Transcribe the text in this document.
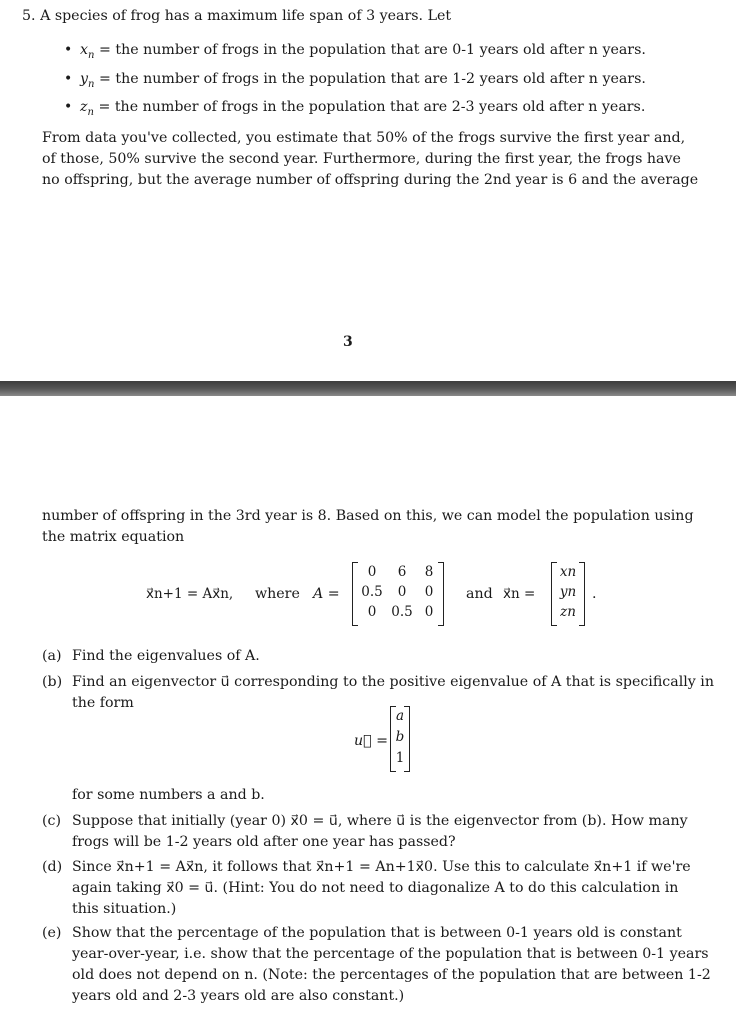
5. A species of frog has a maximum life span of 3 years. Let
• $x_n$ = the number of frogs in the population that are 0-1 years old after n years.
• $y_n$ = the number of frogs in the population that are 1-2 years old after n years.
• $z_n$ = the number of frogs in the population that are 2-3 years old after n years.
From data you've collected, you estimate that 50% of the frogs survive the first year and,
of those, 50% survive the second year. Furthermore, during the first year, the frogs have
no offspring, but the average number of offspring during the 2nd year is 6 and the average
3
number of offspring in the 3rd year is 8. Based on this, we can model the population using
the matrix equation
x⃗n+1 = Ax⃗n, where A =
0	6	8
0.5	0	0
0	0.5 0
and x⃗n =
xn
yn
zn
.
(a) Find the eigenvalues of A.
(b) Find an eigenvector u⃗ corresponding to the positive eigenvalue of A that is specifically in
the form
u⃗ =
a
b
1
for some numbers a and b.
(c) Suppose that initially (year 0) x⃗0 = u⃗, where u⃗ is the eigenvector from (b). How many
frogs will be 1-2 years old after one year has passed?
(d) Since x⃗n+1 = Ax⃗n, it follows that x⃗n+1 = An+1x⃗0. Use this to calculate x⃗n+1 if we're
again taking x⃗0 = u⃗. (Hint: You do not need to diagonalize A to do this calculation in
this situation.)
(e) Show that the percentage of the population that is between 0-1 years old is constant
year-over-year, i.e. show that the percentage of the population that is between 0-1 years
old does not depend on n. (Note: the percentages of the population that are between 1-2
years old and 2-3 years old are also constant.)
